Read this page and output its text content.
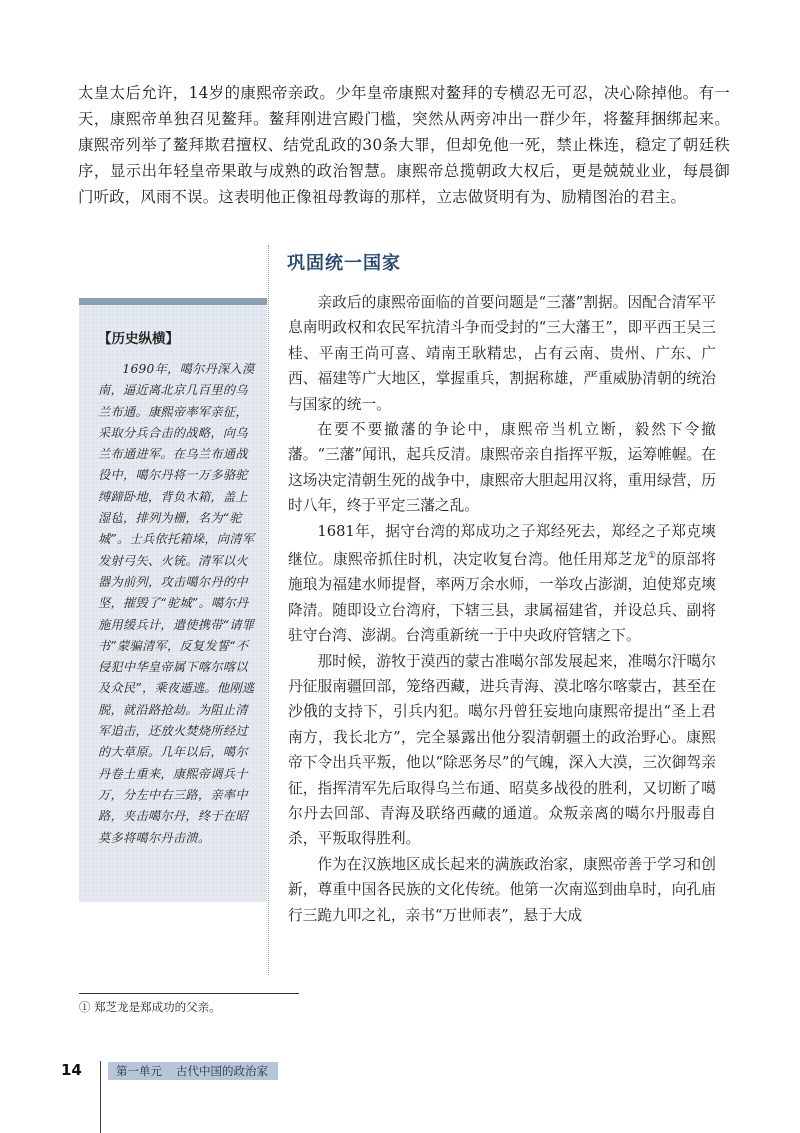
太皇太后允许，14岁的康熙帝亲政。少年皇帝康熙对鳌拜的专横忍无可忍，决心除掉他。有一天，康熙帝单独召见鳌拜。鳌拜刚进宫殿门槛，突然从两旁冲出一群少年，将鳌拜捆绑起来。康熙帝列举了鳌拜欺君擅权、结党乱政的30条大罪，但却免他一死，禁止株连，稳定了朝廷秩序，显示出年轻皇帝果敢与成熟的政治智慧。康熙帝总揽朝政大权后，更是兢兢业业，每晨御门听政，风雨不误。这表明他正像祖母教诲的那样，立志做贤明有为、励精图治的君主。

巩固统一国家

【历史纵横】

1690年，噶尔丹深入漠南，逼近离北京几百里的乌兰布通。康熙帝率军亲征，采取分兵合击的战略，向乌兰布通进军。在乌兰布通战役中，噶尔丹将一万多骆驼缚蹄卧地，背负木箱，盖上湿毡，排列为栅，名为“驼城”。士兵依托箱垛，向清军发射弓矢、火铳。清军以火器为前列，攻击噶尔丹的中坚，摧毁了“驼城”。噶尔丹施用缓兵计，遣使携带“请罪书”蒙骗清军，反复发誓“不侵犯中华皇帝属下喀尔喀以及众民”，乘夜遁逃。他刚逃脱，就沿路抢劫。为阻止清军追击，还放火焚烧所经过的大草原。几年以后，噶尔丹卷土重来，康熙帝调兵十万，分左中右三路，亲率中路，夹击噶尔丹，终于在昭莫多将噶尔丹击溃。

亲政后的康熙帝面临的首要问题是“三藩”割据。因配合清军平息南明政权和农民军抗清斗争而受封的“三大藩王”，即平西王吴三桂、平南王尚可喜、靖南王耿精忠，占有云南、贵州、广东、广西、福建等广大地区，掌握重兵，割据称雄，严重威胁清朝的统治与国家的统一。

在要不要撤藩的争论中，康熙帝当机立断，毅然下令撤藩。“三藩”闻讯，起兵反清。康熙帝亲自指挥平叛，运筹帷幄。在这场决定清朝生死的战争中，康熙帝大胆起用汉将，重用绿营，历时八年，终于平定三藩之乱。

1681年，据守台湾的郑成功之子郑经死去，郑经之子郑克塽继位。康熙帝抓住时机，决定收复台湾。他任用郑芝龙①的原部将施琅为福建水师提督，率两万余水师，一举攻占澎湖，迫使郑克塽降清。随即设立台湾府，下辖三县，隶属福建省，并设总兵、副将驻守台湾、澎湖。台湾重新统一于中央政府管辖之下。

那时候，游牧于漠西的蒙古准噶尔部发展起来，准噶尔汗噶尔丹征服南疆回部，笼络西藏，进兵青海、漠北喀尔喀蒙古，甚至在沙俄的支持下，引兵内犯。噶尔丹曾狂妄地向康熙帝提出“圣上君南方，我长北方”，完全暴露出他分裂清朝疆土的政治野心。康熙帝下令出兵平叛，他以“除恶务尽”的气魄，深入大漠，三次御驾亲征，指挥清军先后取得乌兰布通、昭莫多战役的胜利，又切断了噶尔丹去回部、青海及联络西藏的通道。众叛亲离的噶尔丹服毒自杀，平叛取得胜利。

作为在汉族地区成长起来的满族政治家，康熙帝善于学习和创新，尊重中国各民族的文化传统。他第一次南巡到曲阜时，向孔庙行三跪九叩之礼，亲书“万世师表”，悬于大成

① 郑芝龙是郑成功的父亲。

14	第一单元 古代中国的政治家
